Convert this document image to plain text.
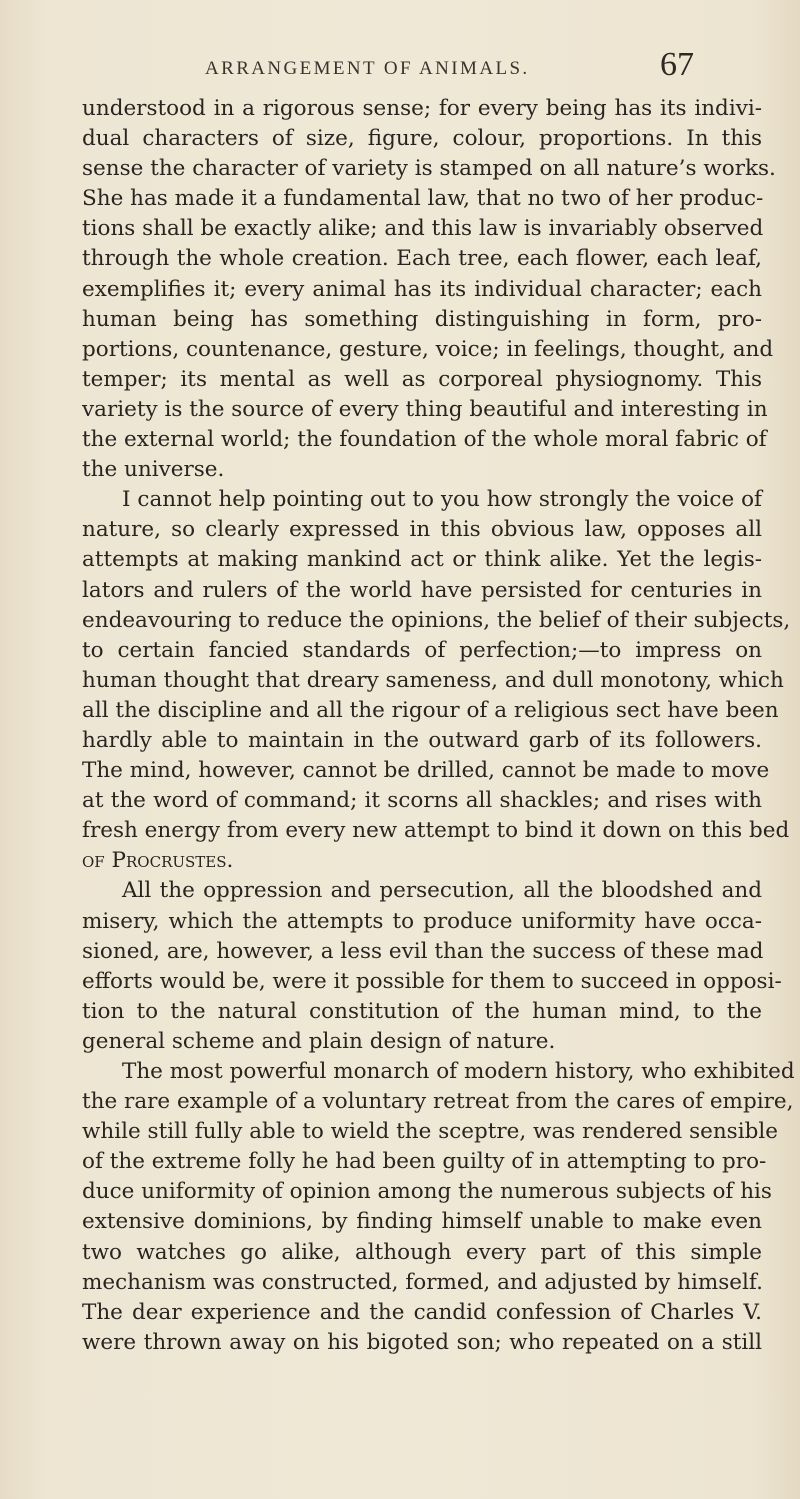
ARRANGEMENT OF ANIMALS.	67
understood in a rigorous sense; for every being has its indivi-
dual characters of size, figure, colour, proportions. In this
sense the character of variety is stamped on all nature’s works.
She has made it a fundamental law, that no two of her produc-
tions shall be exactly alike; and this law is invariably observed
through the whole creation. Each tree, each flower, each leaf,
exemplifies it; every animal has its individual character; each
human being has something distinguishing in form, pro-
portions, countenance, gesture, voice; in feelings, thought, and
temper; its mental as well as corporeal physiognomy. This
variety is the source of every thing beautiful and interesting in
the external world; the foundation of the whole moral fabric of
the universe.
I cannot help pointing out to you how strongly the voice of
nature, so clearly expressed in this obvious law, opposes all
attempts at making mankind act or think alike. Yet the legis-
lators and rulers of the world have persisted for centuries in
endeavouring to reduce the opinions, the belief of their subjects,
to certain fancied standards of perfection;—to impress on
human thought that dreary sameness, and dull monotony, which
all the discipline and all the rigour of a religious sect have been
hardly able to maintain in the outward garb of its followers.
The mind, however, cannot be drilled, cannot be made to move
at the word of command; it scorns all shackles; and rises with
fresh energy from every new attempt to bind it down on this bed
of Procrustes.
All the oppression and persecution, all the bloodshed and
misery, which the attempts to produce uniformity have occa-
sioned, are, however, a less evil than the success of these mad
efforts would be, were it possible for them to succeed in opposi-
tion to the natural constitution of the human mind, to the
general scheme and plain design of nature.
The most powerful monarch of modern history, who exhibited
the rare example of a voluntary retreat from the cares of empire,
while still fully able to wield the sceptre, was rendered sensible
of the extreme folly he had been guilty of in attempting to pro-
duce uniformity of opinion among the numerous subjects of his
extensive dominions, by finding himself unable to make even
two watches go alike, although every part of this simple
mechanism was constructed, formed, and adjusted by himself.
The dear experience and the candid confession of Charles V.
were thrown away on his bigoted son; who repeated on a still
